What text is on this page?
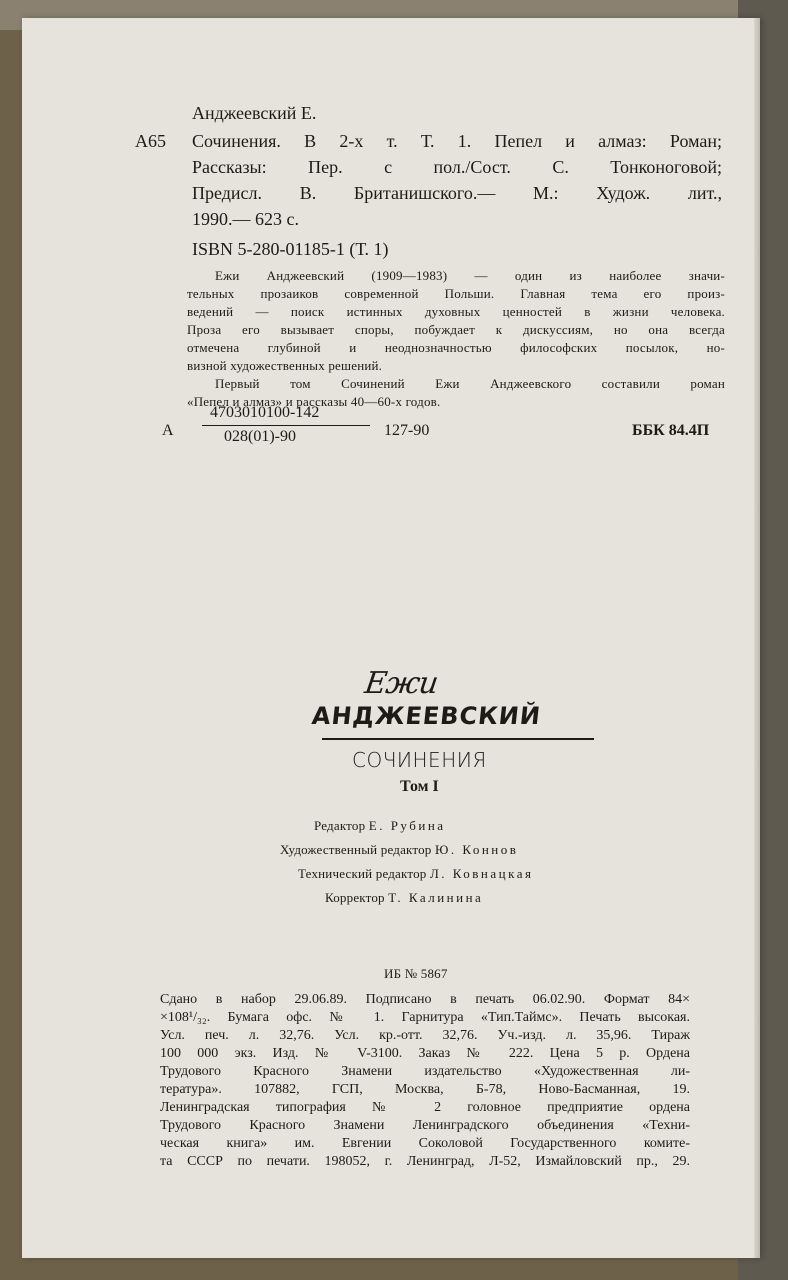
Анджеевский Е.
А65 Сочинения. В 2-х т. Т. 1. Пепел и алмаз: Роман;
Рассказы: Пер. с пол./Сост. С. Тонконоговой;
Предисл. В. Британишского.— М.: Худож. лит.,
1990.— 623 с.
ISBN 5-280-01185-1 (Т. 1)
Ежи Анджеевский (1909—1983) — один из наиболее значи-
тельных прозаиков современной Польши. Главная тема его произ-
ведений — поиск истинных духовных ценностей в жизни человека.
Проза его вызывает споры, побуждает к дискуссиям, но она всегда
отмечена глубиной и неоднозначностью философских посылок, но-
визной художественных решений.
Первый том Сочинений Ежи Анджеевского составили роман
«Пепел и алмаз» и рассказы 40—60-х годов.
А
4703010100-142
028(01)-90	127-90	ББК 84.4П
Ежи
АНДЖЕЕВСКИЙ
СОЧИНЕНИЯ
Том I
Редактор Е. Рубина
Художественный редактор Ю. Коннов
Технический редактор Л. Ковнацкая
Корректор Т. Калинина
ИБ № 5867
Сдано в набор 29.06.89. Подписано в печать 06.02.90. Формат 84×
×108¹/₃₂. Бумага офс. № 1. Гарнитура «Тип.Таймс». Печать высокая.
Усл. печ. л. 32,76. Усл. кр.-отт. 32,76. Уч.-изд. л. 35,96. Тираж
100 000 экз. Изд. № V-3100. Заказ № 222. Цена 5 р. Ордена
Трудового Красного Знамени издательство «Художественная ли-
тература». 107882, ГСП, Москва, Б-78, Ново-Басманная, 19.
Ленинградская типография № 2 головное предприятие ордена
Трудового Красного Знамени Ленинградского объединения «Техни-
ческая книга» им. Евгении Соколовой Государственного комите-
та СССР по печати. 198052, г. Ленинград, Л-52, Измайловский пр., 29.
